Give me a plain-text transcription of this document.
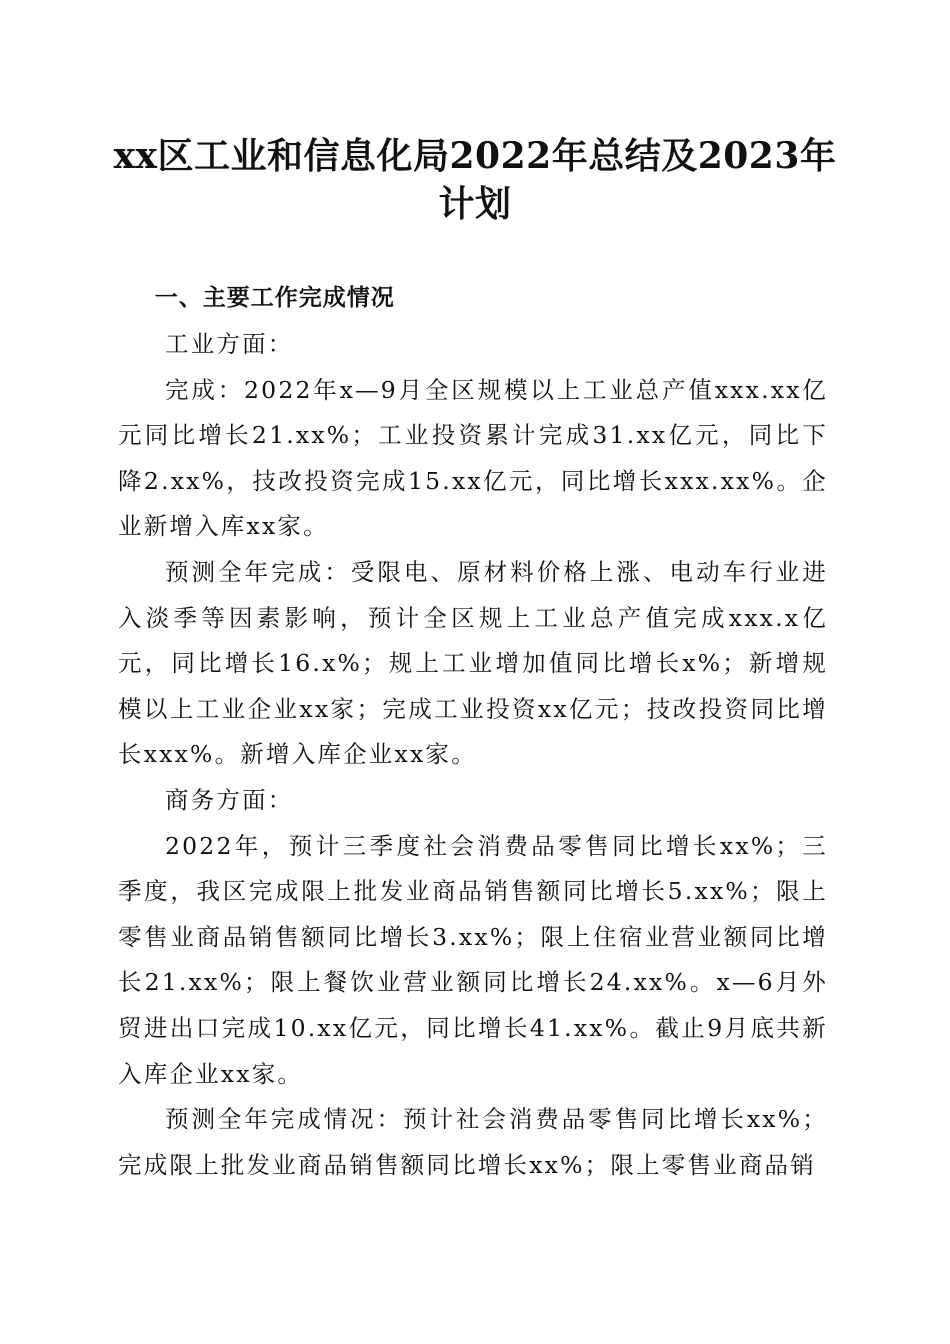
xx区工业和信息化局2022年总结及2023年计划
一、主要工作完成情况

工业方面：

完成：2022年x—9月全区规模以上工业总产值xxx.xx亿元同比增长21.xx%；工业投资累计完成31.xx亿元，同比下降2.xx%，技改投资完成15.xx亿元，同比增长xxx.xx%。企业新增入库xx家。

预测全年完成：受限电、原材料价格上涨、电动车行业进入淡季等因素影响，预计全区规上工业总产值完成xxx.x亿元，同比增长16.x%；规上工业增加值同比增长x%；新增规模以上工业企业xx家；完成工业投资xx亿元；技改投资同比增长xxx%。新增入库企业xx家。

商务方面：

2022年，预计三季度社会消费品零售同比增长xx%；三季度，我区完成限上批发业商品销售额同比增长5.xx%；限上零售业商品销售额同比增长3.xx%；限上住宿业营业额同比增长21.xx%；限上餐饮业营业额同比增长24.xx%。x—6月外贸进出口完成10.xx亿元，同比增长41.xx%。截止9月底共新入库企业xx家。

预测全年完成情况：预计社会消费品零售同比增长xx%；完成限上批发业商品销售额同比增长xx%；限上零售业商品销
